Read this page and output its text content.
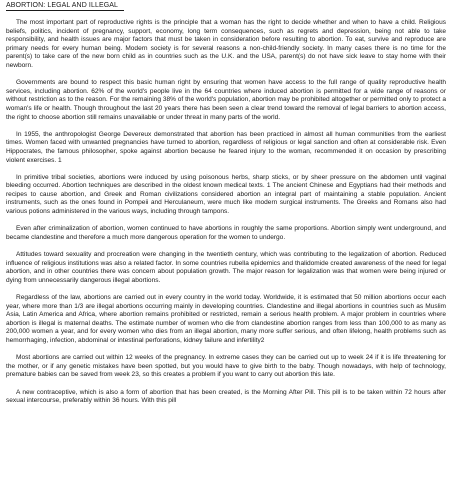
ABORTION: LEGAL AND ILLEGAL

The most important part of reproductive rights is the principle that a woman has the right to decide whether and when to have a child. Religious beliefs, politics, incident of pregnancy, support, economy, long term consequences, such as regrets and depression, being not able to take responsibility, and health issues are major factors that must be taken in consideration before resulting to abortion. To eat, survive and reproduce are primary needs for every human being. Modern society is for several reasons a non-child-friendly society. In many cases there is no time for the parent(s) to take care of the new born child as in countries such as the U.K. and the USA, parent(s) do not have sick leave to stay home with their newborn.

Governments are bound to respect this basic human right by ensuring that women have access to the full range of quality reproductive health services, including abortion. 62% of the world's people live in the 64 countries where induced abortion is permitted for a wide range of reasons or without restriction as to the reason. For the remaining 38% of the world's population, abortion may be prohibited altogether or permitted only to protect a woman's life or health. Though throughout the last 20 years there has been seen a clear trend toward the removal of legal barriers to abortion access, the right to choose abortion still remains unavailable or under threat in many parts of the world.

In 1955, the anthropologist George Devereux demonstrated that abortion has been practiced in almost all human communities from the earliest times. Women faced with unwanted pregnancies have turned to abortion, regardless of religious or legal sanction and often at considerable risk. Even Hippocrates, the famous philosopher, spoke against abortion because he feared injury to the woman, recommended it on occasion by prescribing violent exercises. 1

In primitive tribal societies, abortions were induced by using poisonous herbs, sharp sticks, or by sheer pressure on the abdomen until vaginal bleeding occurred. Abortion techniques are described in the oldest known medical texts. 1 The ancient Chinese and Egyptians had their methods and recipes to cause abortion, and Greek and Roman civilizations considered abortion an integral part of maintaining a stable population. Ancient instruments, such as the ones found in Pompeii and Herculaneum, were much like modern surgical instruments. The Greeks and Romans also had various potions administered in the various ways, including through tampons.

Even after criminalization of abortion, women continued to have abortions in roughly the same proportions. Abortion simply went underground, and became clandestine and therefore a much more dangerous operation for the women to undergo.

Attitudes toward sexuality and procreation were changing in the twentieth century, which was contributing to the legalization of abortion. Reduced influence of religious institutions was also a related factor. In some countries rubella epidemics and thalidomide created awareness of the need for legal abortion, and in other countries there was concern about population growth. The major reason for legalization was that women were being injured or dying from unnecessarily dangerous illegal abortions.

Regardless of the law, abortions are carried out in every country in the world today. Worldwide, it is estimated that 50 million abortions occur each year, where more than 1/3 are illegal abortions occurring mainly in developing countries. Clandestine and illegal abortions in countries such as Muslim Asia, Latin America and Africa, where abortion remains prohibited or restricted, remain a serious health problem. A major problem in countries where abortion is illegal is maternal deaths. The estimate number of women who die from clandestine abortion ranges from less than 100,000 to as many as 200,000 women a year, and for every women who dies from an illegal abortion, many more suffer serious, and often lifelong, health problems such as hemorrhaging, infection, abdominal or intestinal perforations, kidney failure and infertility2

Most abortions are carried out within 12 weeks of the pregnancy. In extreme cases they can be carried out up to week 24 if it is life threatening for the mother, or if any genetic mistakes have been spotted, but you would have to give birth to the baby. Though nowadays, with help of technology, premature babies can be saved from week 23, so this creates a problem if you want to carry out abortion this late.

A new contraceptive, which is also a form of abortion that has been created, is the Morning After Pill. This pill is to be taken within 72 hours after sexual intercourse, preferably within 36 hours. With this pill
